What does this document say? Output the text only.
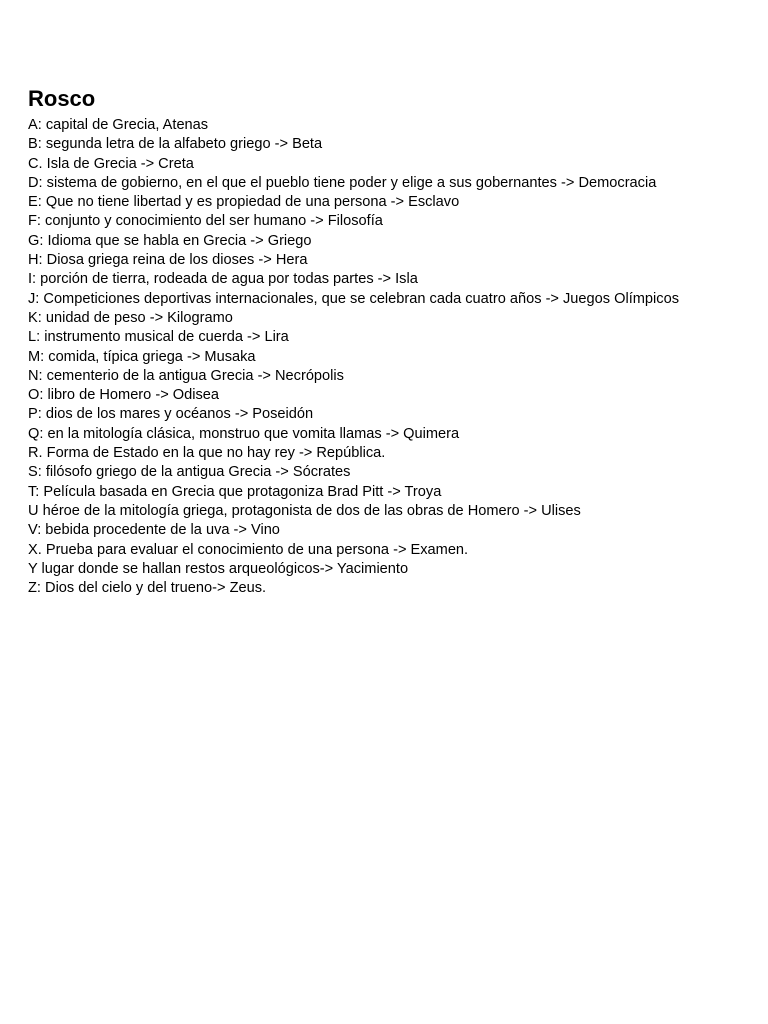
Rosco
A: capital de Grecia, Atenas
B: segunda letra de la alfabeto griego -> Beta
C. Isla de Grecia -> Creta
D: sistema de gobierno, en el que el pueblo tiene poder y elige a sus gobernantes -> Democracia
E: Que no tiene libertad y es propiedad de una persona -> Esclavo
F: conjunto y conocimiento del ser humano -> Filosofía
G: Idioma que se habla en Grecia -> Griego
H: Diosa griega reina de los dioses -> Hera
I: porción de tierra, rodeada de agua por todas partes -> Isla
J: Competiciones deportivas internacionales, que se celebran cada cuatro años -> Juegos Olímpicos
K: unidad de peso -> Kilogramo
L: instrumento musical de cuerda -> Lira
M: comida, típica griega -> Musaka
N: cementerio de la antigua Grecia -> Necrópolis
O: libro de Homero -> Odisea
P: dios de los mares y océanos -> Poseidón
Q: en la mitología clásica, monstruo que vomita llamas -> Quimera
R. Forma de Estado en la que no hay rey -> República.
S: filósofo griego de la antigua Grecia -> Sócrates
T: Película basada en Grecia que protagoniza Brad Pitt -> Troya
U héroe de la mitología griega, protagonista de dos de las obras de Homero -> Ulises
V: bebida procedente de la uva -> Vino
X. Prueba para evaluar el conocimiento de una persona -> Examen.
Y lugar donde se hallan restos arqueológicos-> Yacimiento
Z: Dios del cielo y del trueno-> Zeus.
